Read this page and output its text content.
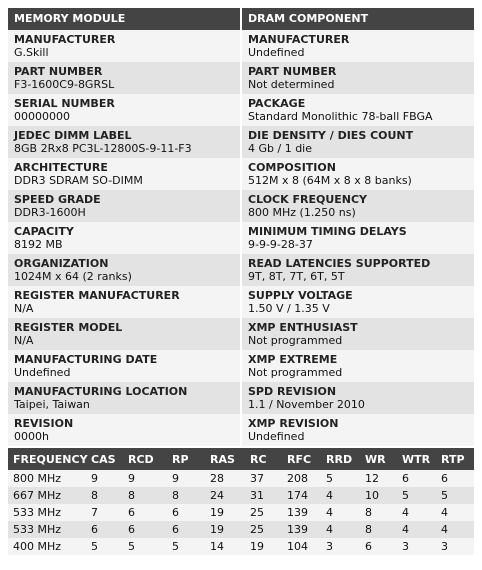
MEMORY MODULE
MANUFACTURER
G.Skill
PART NUMBER
F3-1600C9-8GRSL
SERIAL NUMBER
00000000
JEDEC DIMM LABEL
8GB 2Rx8 PC3L-12800S-9-11-F3
ARCHITECTURE
DDR3 SDRAM SO-DIMM
SPEED GRADE
DDR3-1600H
CAPACITY
8192 MB
ORGANIZATION
1024M x 64 (2 ranks)
REGISTER MANUFACTURER
N/A
REGISTER MODEL
N/A
MANUFACTURING DATE
Undefined
MANUFACTURING LOCATION
Taipei, Taiwan
REVISION
0000h
DRAM COMPONENT
MANUFACTURER
Undefined
PART NUMBER
Not determined
PACKAGE
Standard Monolithic 78-ball FBGA
DIE DENSITY / DIES COUNT
4 Gb / 1 die
COMPOSITION
512M x 8 (64M x 8 x 8 banks)
CLOCK FREQUENCY
800 MHz (1.250 ns)
MINIMUM TIMING DELAYS
9-9-9-28-37
READ LATENCIES SUPPORTED
9T, 8T, 7T, 6T, 5T
SUPPLY VOLTAGE
1.50 V / 1.35 V
XMP ENTHUSIAST
Not programmed
XMP EXTREME
Not programmed
SPD REVISION
1.1 / November 2010
XMP REVISION
Undefined
FREQUENCY	CAS	RCD	RP	RAS	RC	RFC	RRD	WR	WTR	RTP
800 MHz	9	9	9	28	37	208	5	12	6	6
667 MHz	8	8	8	24	31	174	4	10	5	5
533 MHz	7	6	6	19	25	139	4	8	4	4
533 MHz	6	6	6	19	25	139	4	8	4	4
400 MHz	5	5	5	14	19	104	3	6	3	3
